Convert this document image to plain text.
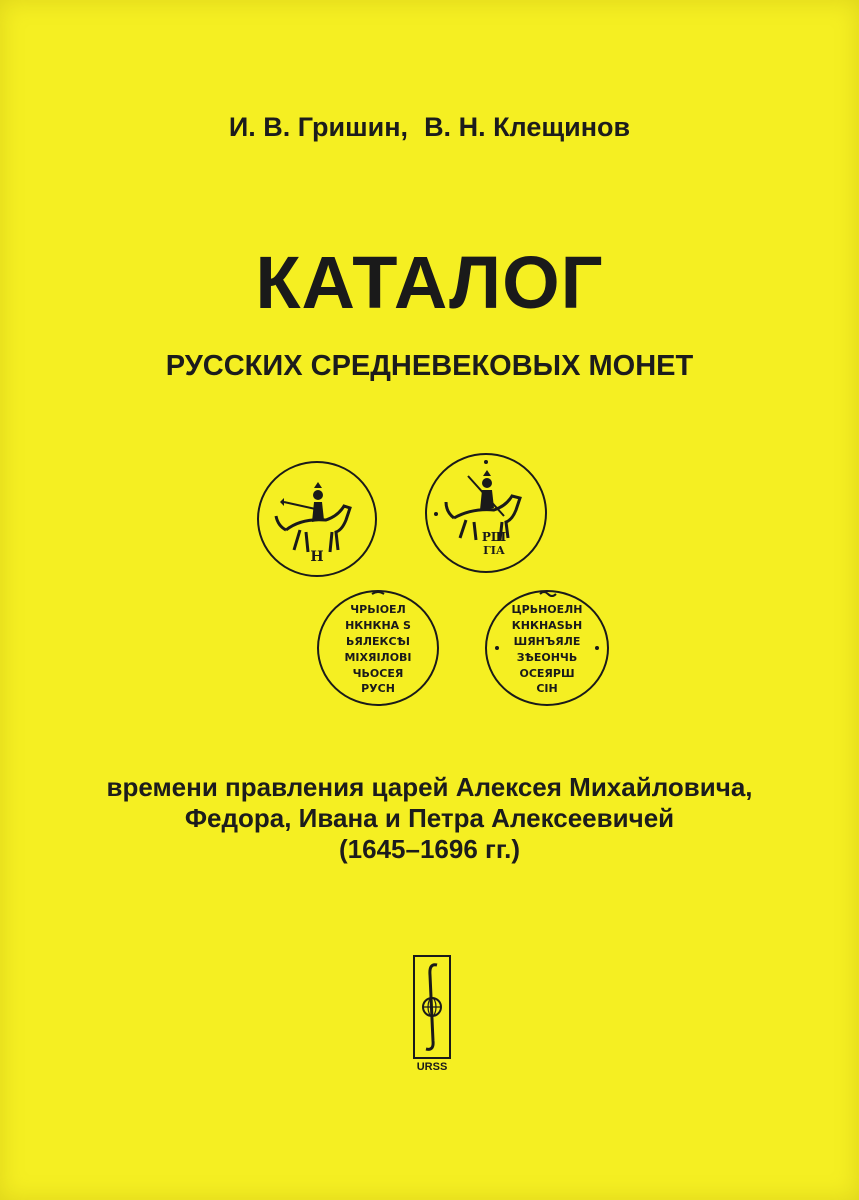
И. В. Гришин, В. Н. Клещинов
КАТАЛОГ
РУССКИХ СРЕДНЕВЕКОВЫХ МОНЕТ
Н
РШ
ГІА
ЧРЬІОЕЛ
НКНКНА S
ЬЯЛЕКСѢІ
МІХЯІЛОВІ
ЧЬОСЕЯ
РУСН
ЦРЬНОЕЛН
КНКНАЅЬН
ШЯНЪЯЛЕ
ЗѢЕОНЧЬ
ОСЕЯРШ
СІН
времени правления царей Алексея Михайловича,
Федора, Ивана и Петра Алексеевичей
(1645–1696 гг.)
URSS
